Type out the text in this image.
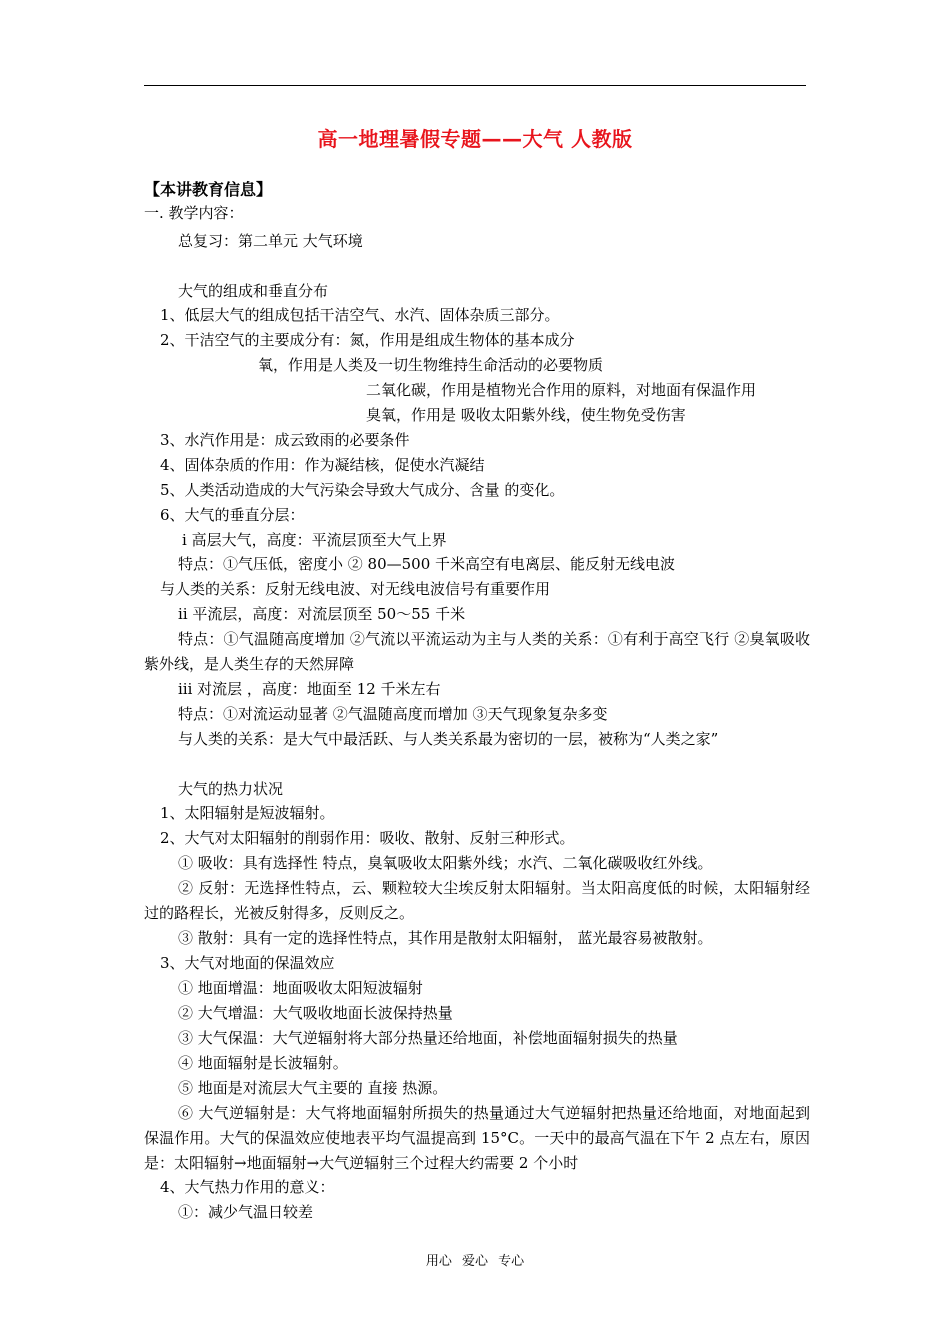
高一地理暑假专题——大气 人教版
【本讲教育信息】
一. 教学内容：
总复习：第二单元 大气环境
大气的组成和垂直分布
1、低层大气的组成包括干洁空气、水汽、固体杂质三部分。
2、干洁空气的主要成分有：氮，作用是组成生物体的基本成分
氧，作用是人类及一切生物维持生命活动的必要物质
二氧化碳，作用是植物光合作用的原料，对地面有保温作用
臭氧，作用是 吸收太阳紫外线，使生物免受伤害
3、水汽作用是：成云致雨的必要条件
4、固体杂质的作用：作为凝结核，促使水汽凝结
5、人类活动造成的大气污染会导致大气成分、含量 的变化。
6、大气的垂直分层：
ⅰ 高层大气，高度：平流层顶至大气上界
特点：①气压低，密度小 ② 80—500 千米高空有电离层、能反射无线电波
与人类的关系：反射无线电波、对无线电波信号有重要作用
ⅱ 平流层，高度：对流层顶至 50～55 千米
特点：①气温随高度增加 ②气流以平流运动为主与人类的关系：①有利于高空飞行 ②臭氧吸收紫外线，是人类生存的天然屏障
ⅲ 对流层 ，高度：地面至 12 千米左右
特点：①对流运动显著 ②气温随高度而增加 ③天气现象复杂多变
与人类的关系：是大气中最活跃、与人类关系最为密切的一层，被称为“人类之家”
大气的热力状况
1、太阳辐射是短波辐射。
2、大气对太阳辐射的削弱作用：吸收、散射、反射三种形式。
① 吸收：具有选择性 特点，臭氧吸收太阳紫外线；水汽、二氧化碳吸收红外线。
② 反射：无选择性特点，云、颗粒较大尘埃反射太阳辐射。当太阳高度低的时候，太阳辐射经过的路程长，光被反射得多，反则反之。
③ 散射：具有一定的选择性特点，其作用是散射太阳辐射， 蓝光最容易被散射。
3、大气对地面的保温效应
① 地面增温：地面吸收太阳短波辐射
② 大气增温：大气吸收地面长波保持热量
③ 大气保温：大气逆辐射将大部分热量还给地面，补偿地面辐射损失的热量
④ 地面辐射是长波辐射。
⑤ 地面是对流层大气主要的 直接 热源。
⑥ 大气逆辐射是：大气将地面辐射所损失的热量通过大气逆辐射把热量还给地面，对地面起到保温作用。大气的保温效应使地表平均气温提高到 15°C。一天中的最高气温在下午 2 点左右，原因是：太阳辐射→地面辐射→大气逆辐射三个过程大约需要 2 个小时
4、大气热力作用的意义：
①：减少气温日较差
用心 爱心 专心
